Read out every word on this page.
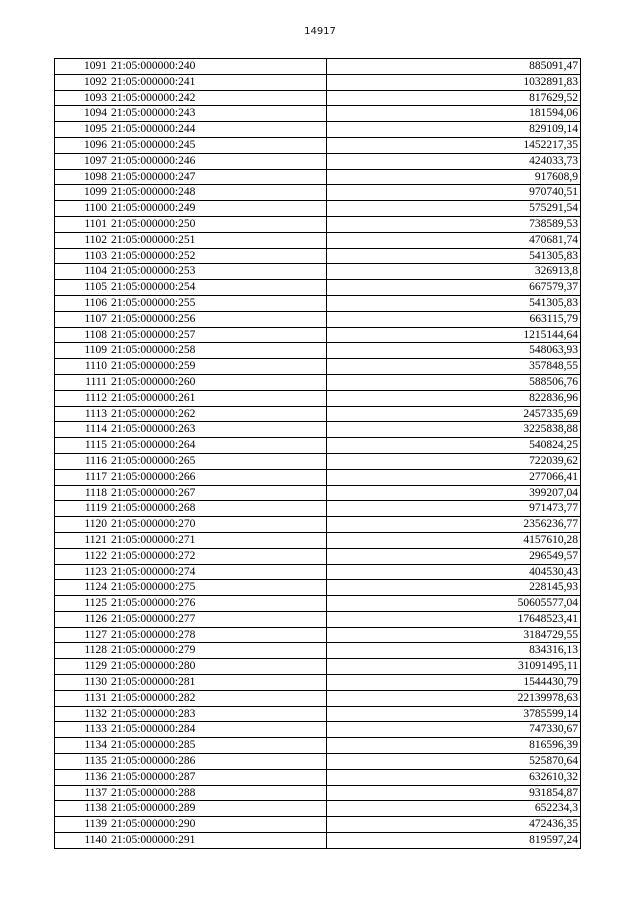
14917
1091	21:05:000000:240	885091,47
1092	21:05:000000:241	1032891,83
1093	21:05:000000:242	817629,52
1094	21:05:000000:243	181594,06
1095	21:05:000000:244	829109,14
1096	21:05:000000:245	1452217,35
1097	21:05:000000:246	424033,73
1098	21:05:000000:247	917608,9
1099	21:05:000000:248	970740,51
1100	21:05:000000:249	575291,54
1101	21:05:000000:250	738589,53
1102	21:05:000000:251	470681,74
1103	21:05:000000:252	541305,83
1104	21:05:000000:253	326913,8
1105	21:05:000000:254	667579,37
1106	21:05:000000:255	541305,83
1107	21:05:000000:256	663115,79
1108	21:05:000000:257	1215144,64
1109	21:05:000000:258	548063,93
1110	21:05:000000:259	357848,55
1111	21:05:000000:260	588506,76
1112	21:05:000000:261	822836,96
1113	21:05:000000:262	2457335,69
1114	21:05:000000:263	3225838,88
1115	21:05:000000:264	540824,25
1116	21:05:000000:265	722039,62
1117	21:05:000000:266	277066,41
1118	21:05:000000:267	399207,04
1119	21:05:000000:268	971473,77
1120	21:05:000000:270	2356236,77
1121	21:05:000000:271	4157610,28
1122	21:05:000000:272	296549,57
1123	21:05:000000:274	404530,43
1124	21:05:000000:275	228145,93
1125	21:05:000000:276	50605577,04
1126	21:05:000000:277	17648523,41
1127	21:05:000000:278	3184729,55
1128	21:05:000000:279	834316,13
1129	21:05:000000:280	31091495,11
1130	21:05:000000:281	1544430,79
1131	21:05:000000:282	22139978,63
1132	21:05:000000:283	3785599,14
1133	21:05:000000:284	747330,67
1134	21:05:000000:285	816596,39
1135	21:05:000000:286	525870,64
1136	21:05:000000:287	632610,32
1137	21:05:000000:288	931854,87
1138	21:05:000000:289	652234,3
1139	21:05:000000:290	472436,35
1140	21:05:000000:291	819597,24
